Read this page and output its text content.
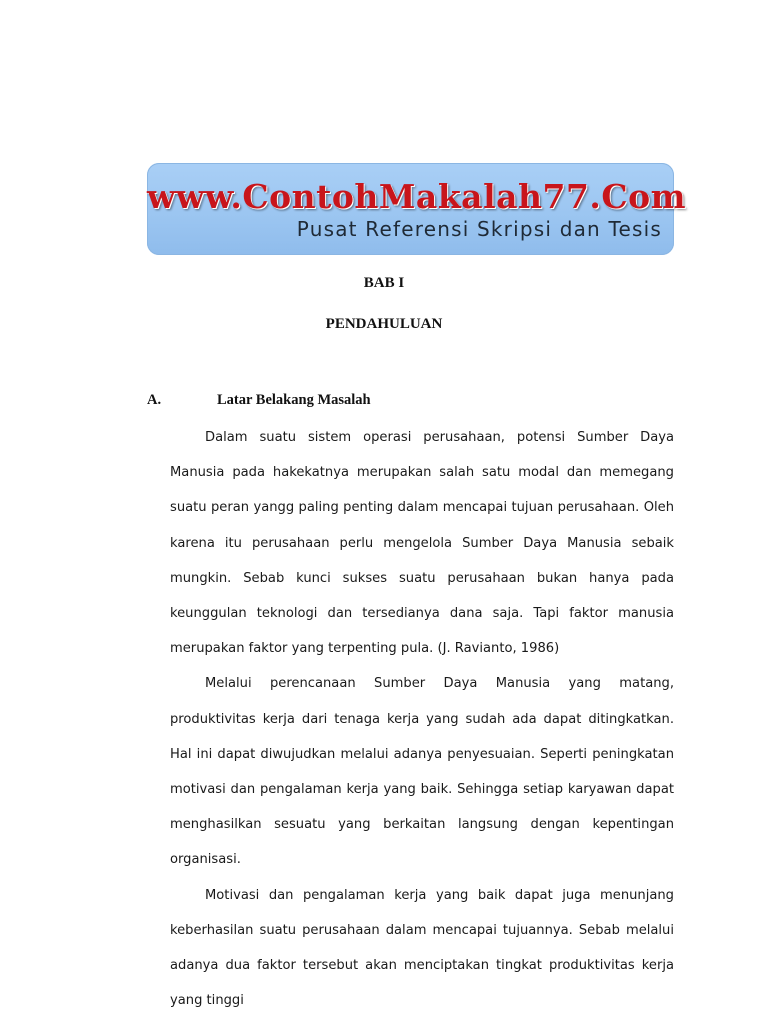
www.ContohMakalah77.Com
Pusat Referensi Skripsi dan Tesis
BAB I
PENDAHULUAN
A.	Latar Belakang Masalah

Dalam suatu sistem operasi perusahaan, potensi Sumber Daya Manusia pada hakekatnya merupakan salah satu modal dan memegang suatu peran yangg paling penting dalam mencapai tujuan perusahaan. Oleh karena itu perusahaan perlu mengelola Sumber Daya Manusia sebaik mungkin. Sebab kunci sukses suatu perusahaan bukan hanya pada keunggulan teknologi dan tersedianya dana saja. Tapi faktor manusia merupakan faktor yang terpenting pula. (J. Ravianto, 1986)

Melalui perencanaan Sumber Daya Manusia yang matang, produktivitas kerja dari tenaga kerja yang sudah ada dapat ditingkatkan. Hal ini dapat diwujudkan melalui adanya penyesuaian. Seperti peningkatan motivasi dan pengalaman kerja yang baik. Sehingga setiap karyawan dapat menghasilkan sesuatu yang berkaitan langsung dengan kepentingan organisasi.

Motivasi dan pengalaman kerja yang baik dapat juga menunjang keberhasilan suatu perusahaan dalam mencapai tujuannya. Sebab melalui adanya dua faktor tersebut akan menciptakan tingkat produktivitas kerja yang tinggi
